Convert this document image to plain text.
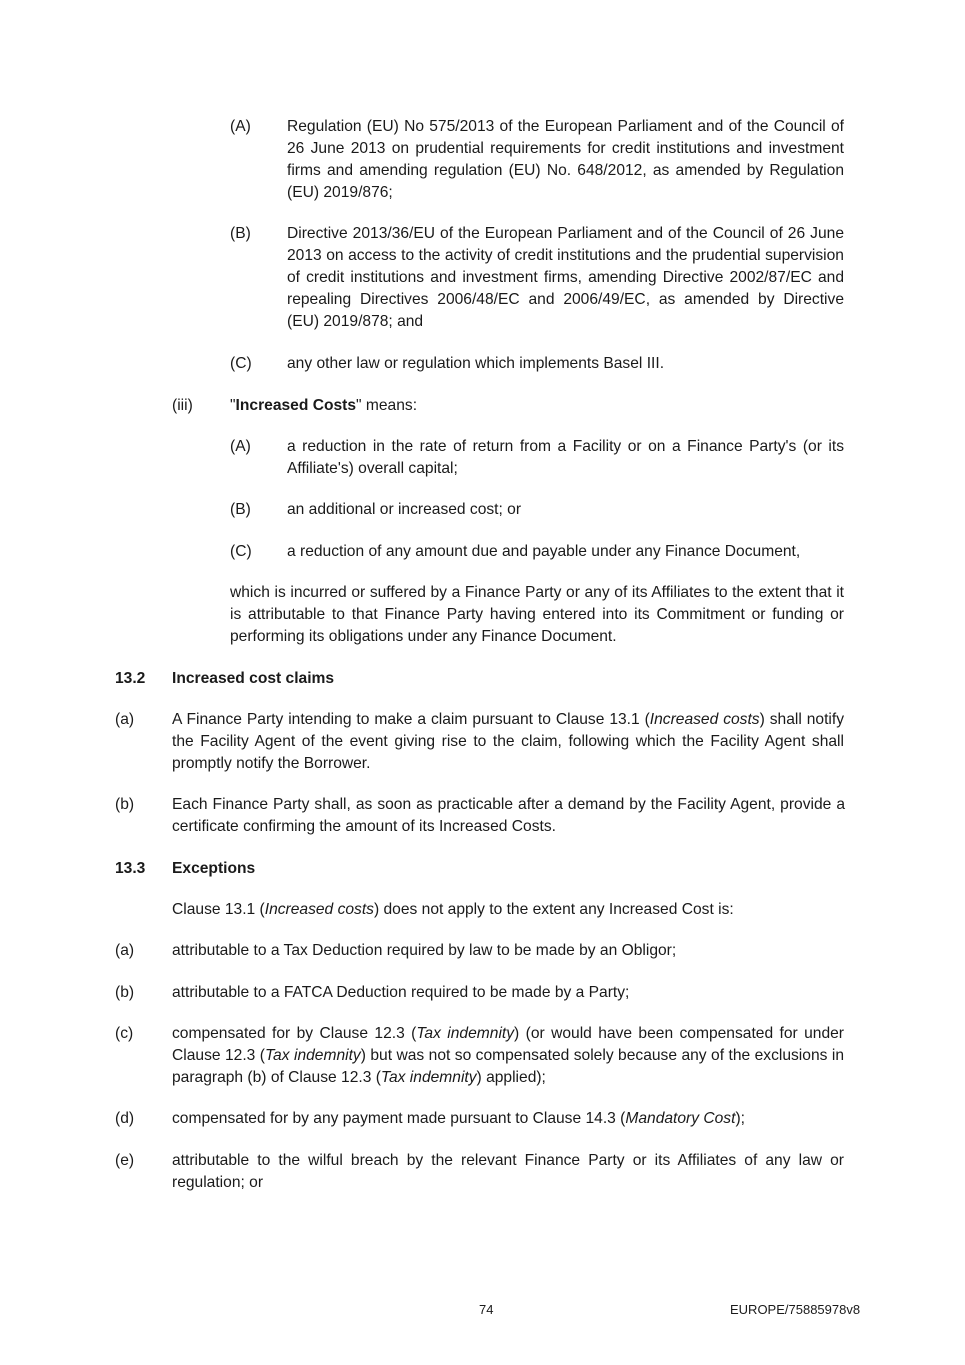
(A) Regulation (EU) No 575/2013 of the European Parliament and of the Council of 26 June 2013 on prudential requirements for credit institutions and investment firms and amending regulation (EU) No. 648/2012, as amended by Regulation (EU) 2019/876;
(B) Directive 2013/36/EU of the European Parliament and of the Council of 26 June 2013 on access to the activity of credit institutions and the prudential supervision of credit institutions and investment firms, amending Directive 2002/87/EC and repealing Directives 2006/48/EC and 2006/49/EC, as amended by Directive (EU) 2019/878; and
(C) any other law or regulation which implements Basel III.
(iii) "Increased Costs" means:
(A) a reduction in the rate of return from a Facility or on a Finance Party's (or its Affiliate's) overall capital;
(B) an additional or increased cost; or
(C) a reduction of any amount due and payable under any Finance Document,
which is incurred or suffered by a Finance Party or any of its Affiliates to the extent that it is attributable to that Finance Party having entered into its Commitment or funding or performing its obligations under any Finance Document.
13.2 Increased cost claims
(a) A Finance Party intending to make a claim pursuant to Clause 13.1 (Increased costs) shall notify the Facility Agent of the event giving rise to the claim, following which the Facility Agent shall promptly notify the Borrower.
(b) Each Finance Party shall, as soon as practicable after a demand by the Facility Agent, provide a certificate confirming the amount of its Increased Costs.
13.3 Exceptions
Clause 13.1 (Increased costs) does not apply to the extent any Increased Cost is:
(a) attributable to a Tax Deduction required by law to be made by an Obligor;
(b) attributable to a FATCA Deduction required to be made by a Party;
(c) compensated for by Clause 12.3 (Tax indemnity) (or would have been compensated for under Clause 12.3 (Tax indemnity) but was not so compensated solely because any of the exclusions in paragraph (b) of Clause 12.3 (Tax indemnity) applied);
(d) compensated for by any payment made pursuant to Clause 14.3 (Mandatory Cost);
(e) attributable to the wilful breach by the relevant Finance Party or its Affiliates of any law or regulation; or
74	EUROPE/75885978v8
